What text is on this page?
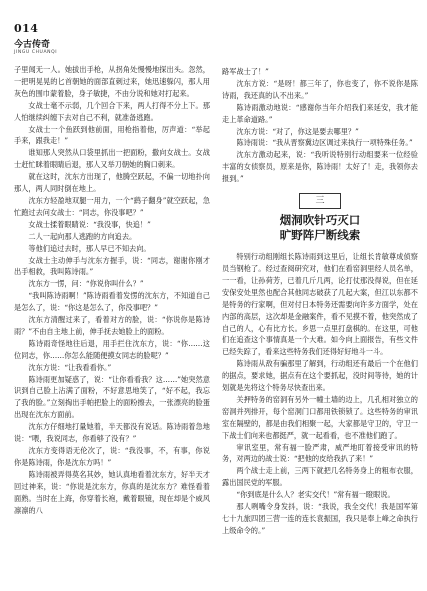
014
今古传奇
JINGU CHUANQI

子里闻无一人。她拔出手枪，从拐角处慢慢地探出头。忽然，一把明晃晃的匕首朝她的面部直刺过来，她迅速躲闪，那人用灰色的围巾蒙着脸，身子敏捷，不由分说和她对打起来。

女战士毫不示弱，几个回合下来，两人打得不分上下。那人怕继续纠缠下去对自己不利，就准备逃跑。

女战士一个鱼跃到他前面，用枪指着他，厉声道：“举起手来，跟我走！”

谁知那人突然从口袋里抓出一把面粉，撒向女战士。女战士赶忙眯着眼睛后退，那人又举刀朝她的胸口刺来。

就在这时，沈东方出现了，他腾空跃起，不偏一切地扑向那人，两人同时倒在地上。

沈东方轻盈地双腿一用力，一个“鹞子翻身”就空跃起，急忙跑过去问女战士：“同志，你没事吧？”

女战士揉着眼睛说：“我没事，快追！”

二人一起向那人逃跑的方向追去。

等他们追过去时，那人早已不知去向。

女战士主动伸手与沈东方握手，说：“同志，谢谢你刚才出手相救，我叫陈诗雨。”

沈东方一愣，问：“你说你叫什么？”

“我叫陈诗雨啊！”陈诗雨看着发愣的沈东方，不知道自己是怎么了，说：“你这是怎么了，你没事吧？”

沈东方清醒过来了，看着对方的脸，说：“你说你是陈诗雨？”不由自主地上前，伸手抚去她脸上的面粉。

陈诗雨奇怪地往后退，用手拦住沈东方，说：“你……这位同志，你……你怎么能随便摸女同志的脸呢？”

沈东方说：“让我看看你。”

陈诗雨更加疑惑了，说：“让你看看我？这……”她突然意识到自己脸上沾满了面粉，不好意思地笑了，“好不起，我忘了我的脸。”立刻掏出手帕把脸上的面粉擦去，一张漂亮的脸蛋出现在沈东方面前。

沈东方仔细地打量她着，半天都没有说话。陈诗雨着急地说：“喂，我说同志，你看够了没有？”

沈东方变得语无伦次了，说：“我没事，不，有事，你说你是陈诗雨，你是沈东方吗！”

陈诗雨被弄得莫名其妙，她认真地看着沈东方，好半天才回过神来，说：“你说是沈东方，你真的是沈东方？难怪看着面熟。当时在上海，你穿着长袍，戴着眼镜，现在却是个威风凛凛的八

路军战士了！”

沈东方说：“是呀！都三年了，你也变了，你不说你是陈诗雨，我还真的认不出来。”

陈诗雨激动地说：“感谢你当年介绍我们来延安，我才能走上革命道路。”

沈东方说：“对了，你这是要去哪里？”

陈诗雨说：“我从晋察冀边区调过来执行一项特殊任务。”

沈东方激动起来，说：“我听说特别行动组要来一位经验丰富的女侦察员，原来是你，陈诗雨！太好了！走，我领你去报到。”

三
烟洞吹针巧灭口
旷野阵尸断线索

特别行动组刚组长陈诗雨到这里后，让组长肯敏尊成侦察员当钢枪了。经过查阅研究对，他们在看窑洞里经人员名单，一一看，让孙荷芳，已着几斤几两，论打仗那没得说，但在延安保安处里然也配合其他同志破获了几起大案，但江以东都不是特务的行家啊，但对付日本特务还需要向许多方面学，处在内部的高层，这次却是金融案件，看不见摸不着，他突然成了自己的人，心有比方长。乡思一点里打盘棋的。在这里，可他们在追查这个事情真是一个大难。如今向上面报告，有些文件已经失踪了，看来这些特务我们还得好好地斗一斗。

陈诗雨从敌有骗那里了解到，行动组还有最后一个在他们的据点，要求她，据点有在这个要抓起，没时间等待，她的计划就是先将这个特务尽快查出来。

关押特务的窑洞有另外一幢土墙的边上，几孔相对独立的窑洞并列排开，每个窑洞门口都用铁锁锁了。这些特务的审讯室在隔壁的，都是由我们相聚一起，大家都是守卫的，守卫一下战士们向来也都挺严，就一起看看，也不准他们跑了。

审讯室里，常有福一脸严肃，威严地盯着接受审讯的特务，对两边的战士说：“把他的皮给我扒了来！”

两个战士走上前，三两下就把几名特务身上的粗布衣服，露出国民党的军服。

“你到底是什么人？老实交代！”常有福一瞪眼说。

那人咧嘴令身发抖，说：“我说，我全交代！我是国军第七十九旅四团三营一连的连长袁振国，我只是奉上峰之命执行上级命令的。”
